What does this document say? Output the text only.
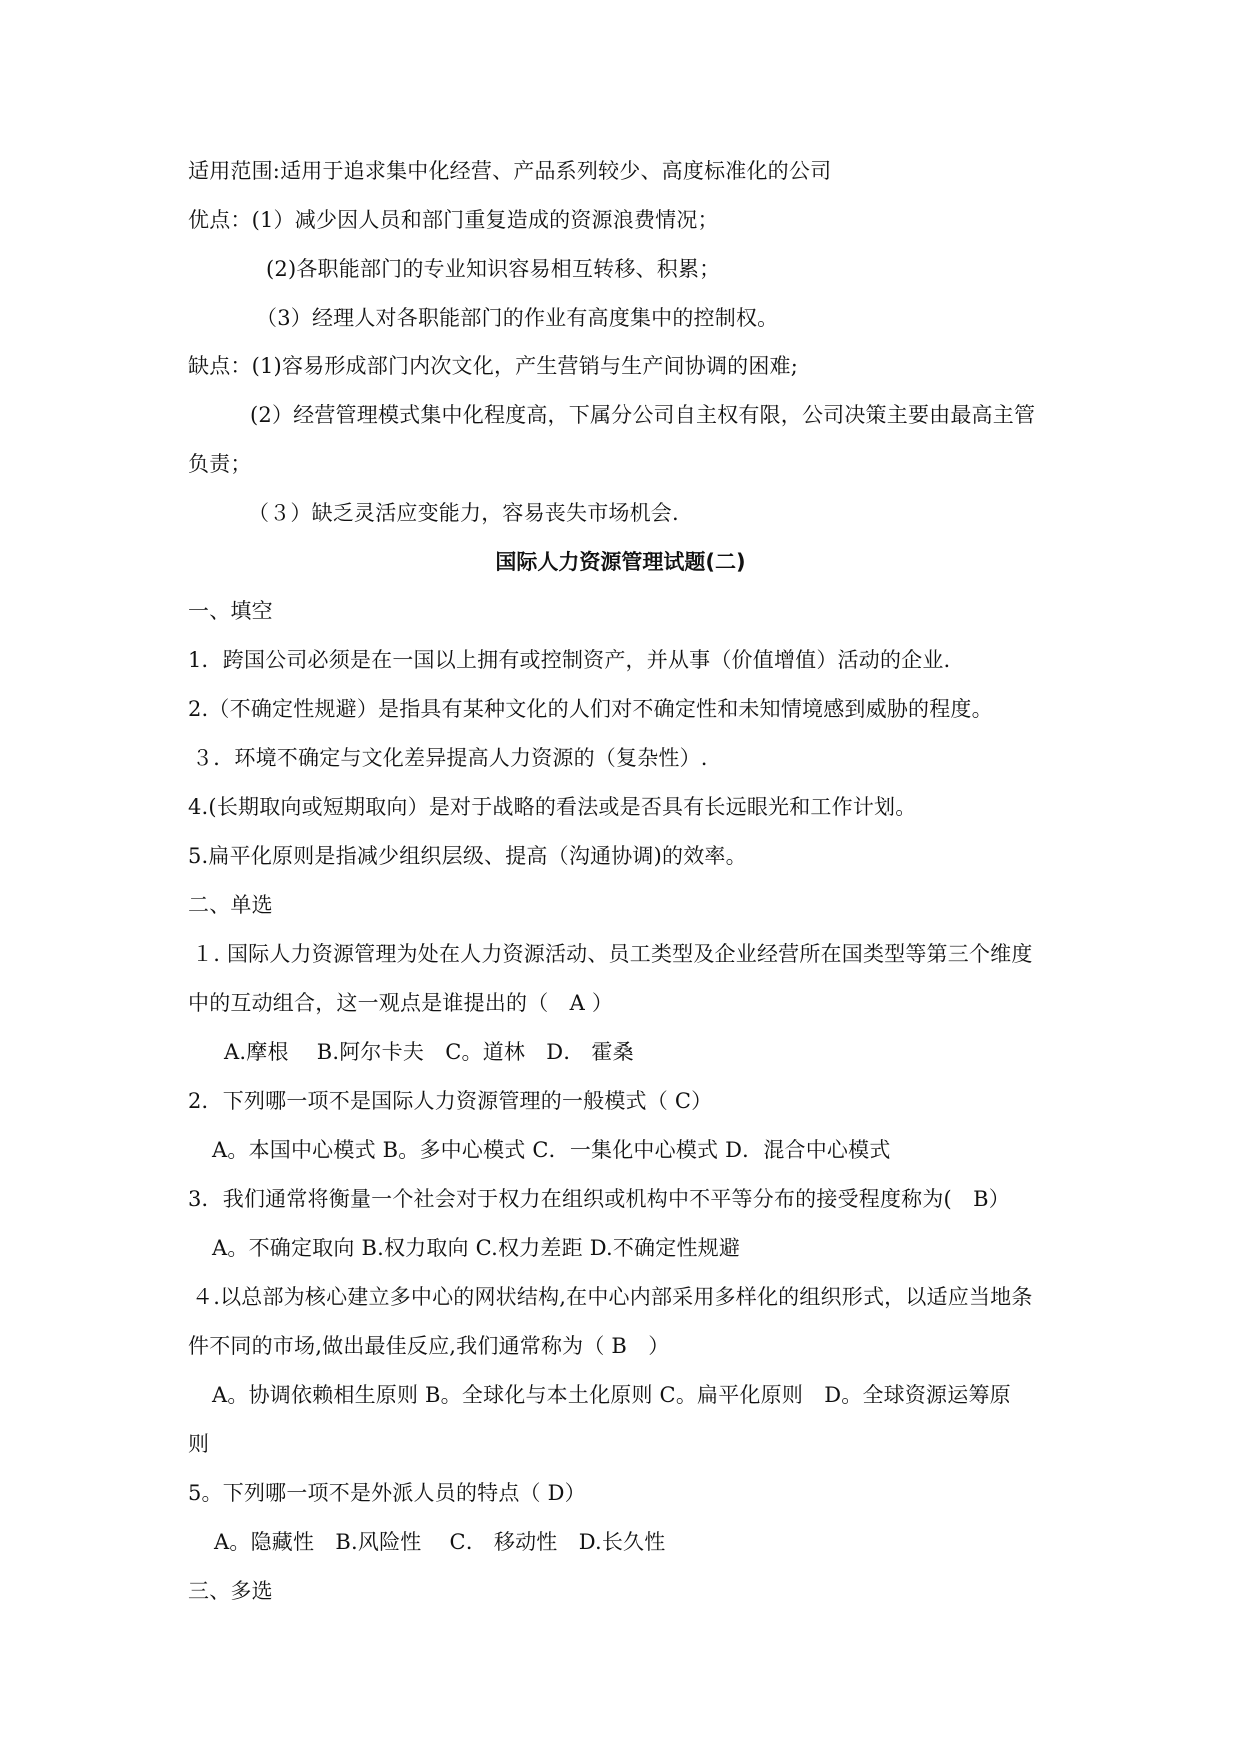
适用范围:适用于追求集中化经营、产品系列较少、高度标准化的公司
优点：(1）减少因人员和部门重复造成的资源浪费情况；
(2)各职能部门的专业知识容易相互转移、积累；
（3）经理人对各职能部门的作业有高度集中的控制权。
缺点：(1)容易形成部门内次文化，产生营销与生产间协调的困难;
(2）经营管理模式集中化程度高，下属分公司自主权有限，公司决策主要由最高主管
负责；
（３）缺乏灵活应变能力，容易丧失市场机会.
国际人力资源管理试题(二)
一、填空
1．跨国公司必须是在一国以上拥有或控制资产，并从事（价值增值）活动的企业.
2.（不确定性规避）是指具有某种文化的人们对不确定性和未知情境感到威胁的程度。
３．环境不确定与文化差异提高人力资源的（复杂性）.
4.(长期取向或短期取向）是对于战略的看法或是否具有长远眼光和工作计划。
5.扁平化原则是指减少组织层级、提高（沟通协调)的效率。
二、单选
１. 国际人力资源管理为处在人力资源活动、员工类型及企业经营所在国类型等第三个维度
中的互动组合，这一观点是谁提出的（　A ）
A.摩根　 B.阿尔卡夫　C。道林　D． 霍桑
2．下列哪一项不是国际人力资源管理的一般模式（ C）
A。本国中心模式 B。多中心模式 C．一集化中心模式 D．混合中心模式
3．我们通常将衡量一个社会对于权力在组织或机构中不平等分布的接受程度称为(　B）
A。不确定取向 B.权力取向 C.权力差距 D.不确定性规避
４.以总部为核心建立多中心的网状结构,在中心内部采用多样化的组织形式，以适应当地条
件不同的市场,做出最佳反应,我们通常称为（ B　）
A。协调依赖相生原则 B。全球化与本土化原则 C。扁平化原则　D。全球资源运筹原
则
5。下列哪一项不是外派人员的特点（ D）
A。隐藏性　B.风险性　 C． 移动性　D.长久性
三、多选
